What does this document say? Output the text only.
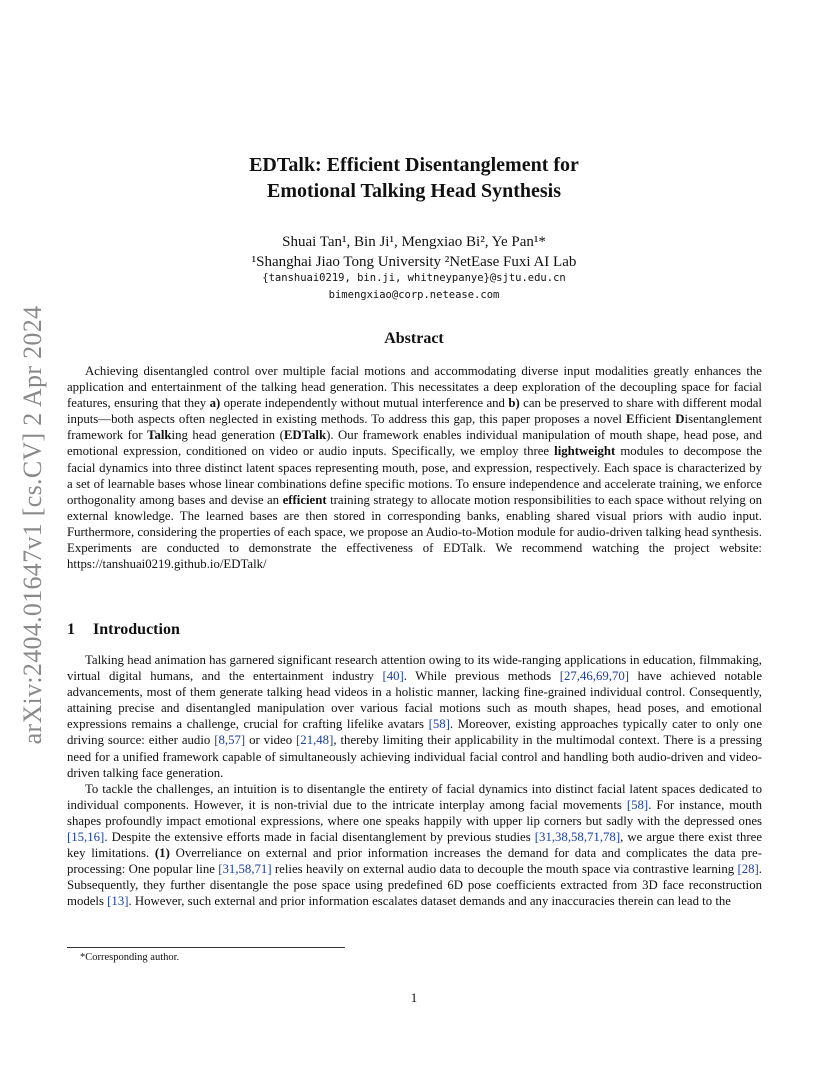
arXiv:2404.01647v1 [cs.CV] 2 Apr 2024
EDTalk: Efficient Disentanglement for
Emotional Talking Head Synthesis
Shuai Tan¹, Bin Ji¹, Mengxiao Bi², Ye Pan¹*
¹Shanghai Jiao Tong University ²NetEase Fuxi AI Lab
{tanshuai0219, bin.ji, whitneypanye}@sjtu.edu.cn
bimengxiao@corp.netease.com
Abstract
Achieving disentangled control over multiple facial motions and accommodating diverse input modalities greatly enhances the application and entertainment of the talking head generation. This necessitates a deep exploration of the decoupling space for facial features, ensuring that they a) operate independently without mutual interference and b) can be preserved to share with different modal inputs—both aspects often neglected in existing methods. To address this gap, this paper proposes a novel Efficient Disentanglement framework for Talking head generation (EDTalk). Our framework enables individual manipulation of mouth shape, head pose, and emotional expression, conditioned on video or audio inputs. Specifically, we employ three lightweight modules to decompose the facial dynamics into three distinct latent spaces representing mouth, pose, and expression, respectively. Each space is characterized by a set of learnable bases whose linear combinations define specific motions. To ensure independence and accelerate training, we enforce orthogonality among bases and devise an efficient training strategy to allocate motion responsibilities to each space without relying on external knowledge. The learned bases are then stored in corresponding banks, enabling shared visual priors with audio input. Furthermore, considering the properties of each space, we propose an Audio-to-Motion module for audio-driven talking head synthesis. Experiments are conducted to demonstrate the effectiveness of EDTalk. We recommend watching the project website: https://tanshuai0219.github.io/EDTalk/
1 Introduction

Talking head animation has garnered significant research attention owing to its wide-ranging applications in education, filmmaking, virtual digital humans, and the entertainment industry [40]. While previous methods [27,46,69,70] have achieved notable advancements, most of them generate talking head videos in a holistic manner, lacking fine-grained individual control. Consequently, attaining precise and disentangled manipulation over various facial motions such as mouth shapes, head poses, and emotional expressions remains a challenge, crucial for crafting lifelike avatars [58]. Moreover, existing approaches typically cater to only one driving source: either audio [8,57] or video [21,48], thereby limiting their applicability in the multimodal context. There is a pressing need for a unified framework capable of simultaneously achieving individual facial control and handling both audio-driven and video-driven talking face generation.

To tackle the challenges, an intuition is to disentangle the entirety of facial dynamics into distinct facial latent spaces dedicated to individual components. However, it is non-trivial due to the intricate interplay among facial movements [58]. For instance, mouth shapes profoundly impact emotional expressions, where one speaks happily with upper lip corners but sadly with the depressed ones [15,16]. Despite the extensive efforts made in facial disentanglement by previous studies [31,38,58,71,78], we argue there exist three key limitations. (1) Overreliance on external and prior information increases the demand for data and complicates the data pre-processing: One popular line [31,58,71] relies heavily on external audio data to decouple the mouth space via contrastive learning [28]. Subsequently, they further disentangle the pose space using predefined 6D pose coefficients extracted from 3D face reconstruction models [13]. However, such external and prior information escalates dataset demands and any inaccuracies therein can lead to the

*Corresponding author.
1
